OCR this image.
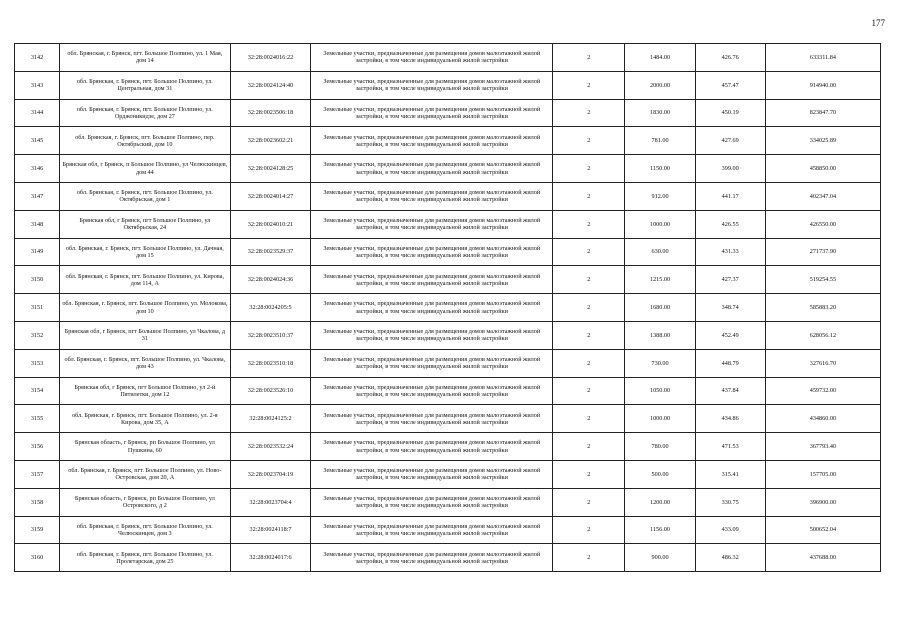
177
3142	обл. Брянская, г. Брянск, пгт. Большое Полпино, ул. 1 Мая, дом 14	32:28:0024016:22	Земельные участки, предназначенные для размещения домов малоэтажной жилой застройки, в том числе индивидуальной жилой застройки	2	1484.00	426.76	633311.84
3143	обл. Брянская, г. Брянск, пгт. Большое Полпино, ул. Центральная, дом 31	32:28:0024124:40	Земельные участки, предназначенные для размещения домов малоэтажной жилой застройки, в том числе индивидуальной жилой застройки	2	2000.00	457.47	914940.00
3144	обл. Брянская, г. Брянск, пгт. Большое Полпино, ул. Орджоникидзе, дом 27	32:28:0023506:18	Земельные участки, предназначенные для размещения домов малоэтажной жилой застройки, в том числе индивидуальной жилой застройки	2	1830.00	450.19	823847.70
3145	обл. Брянская, г. Брянск, пгт. Большое Полпино, пер. Октябрьский, дом 10	32:28:0023602:21	Земельные участки, предназначенные для размещения домов малоэтажной жилой застройки, в том числе индивидуальной жилой застройки	2	781.00	427.69	334025.89
3146	Брянская обл, г Брянск, п Большое Полпино, ул Челюскинцев, дом 44	32:28:0024128:25	Земельные участки, предназначенные для размещения домов малоэтажной жилой застройки, в том числе индивидуальной жилой застройки	2	1150.00	399.00	458850.00
3147	обл. Брянская, г. Брянск, пгт. Большое Полпино, ул. Октябрьская, дом 1	32:28:0024014:27	Земельные участки, предназначенные для размещения домов малоэтажной жилой застройки, в том числе индивидуальной жилой застройки	2	912.00	441.17	402347.04
3148	Брянская обл, г Брянск, пгт Большое Полпино, ул Октябрьская, 24	32:28:0024010:21	Земельные участки, предназначенные для размещения домов малоэтажной жилой застройки, в том числе индивидуальной жилой застройки	2	1000.00	426.55	426550.00
3149	обл. Брянская, г. Брянск, пгт. Большое Полпино, ул. Дачная, дом 15	32:28:0023529:37	Земельные участки, предназначенные для размещения домов малоэтажной жилой застройки, в том числе индивидуальной жилой застройки	2	630.00	431.33	271737.90
3150	обл. Брянская, г. Брянск, пгт. Большое Полпино, ул. Кирова, дом 114, А	32:28:0024024:36	Земельные участки, предназначенные для размещения домов малоэтажной жилой застройки, в том числе индивидуальной жилой застройки	2	1215.00	427.37	519254.55
3151	обл. Брянская, г. Брянск, пгт. Большое Полпино, ул. Молокова, дом 10	32:28:0024205:5	Земельные участки, предназначенные для размещения домов малоэтажной жилой застройки, в том числе индивидуальной жилой застройки	2	1680.00	348.74	585883.20
3152	Брянская обл, г Брянск, пгт Большое Полпино, ул Чкалова, д 31	32:28:0023510:37	Земельные участки, предназначенные для размещения домов малоэтажной жилой застройки, в том числе индивидуальной жилой застройки	2	1388.00	452.49	628056.12
3153	обл. Брянская, г. Брянск, пгт. Большое Полпино, ул. Чкалова, дом 43	32:28:0023510:18	Земельные участки, предназначенные для размещения домов малоэтажной жилой застройки, в том числе индивидуальной жилой застройки	2	730.00	448.79	327616.70
3154	Брянская обл, г Брянск, пгт Большое Полпино, ул 2-й Пятилетки, дом 12	32:28:0023526:10	Земельные участки, предназначенные для размещения домов малоэтажной жилой застройки, в том числе индивидуальной жилой застройки	2	1050.00	437.84	459732.00
3155	обл. Брянская, г. Брянск, пгт. Большое Полпино, ул. 2-я Кирова, дом 35, А	32:28:0024125:2	Земельные участки, предназначенные для размещения домов малоэтажной жилой застройки, в том числе индивидуальной жилой застройки	2	1000.00	434.86	434860.00
3156	Брянская область, г Брянск, рп Большое Полпино, ул Пушкина, 60	32:28:0023532:24	Земельные участки, предназначенные для размещения домов малоэтажной жилой застройки, в том числе индивидуальной жилой застройки	2	780.00	471.53	367793.40
3157	обл. Брянская, г. Брянск, пгт. Большое Полпино, ул. Ново-Островская, дом 20, А	32:28:0023704:19	Земельные участки, предназначенные для размещения домов малоэтажной жилой застройки, в том числе индивидуальной жилой застройки	2	500.00	315.41	157705.00
3158	Брянская область, г Брянск, рп Большое Полпино, ул Островского, д 2	32:28:0023704:4	Земельные участки, предназначенные для размещения домов малоэтажной жилой застройки, в том числе индивидуальной жилой застройки	2	1200.00	330.75	396900.00
3159	обл. Брянская, г. Брянск, пгт. Большое Полпино, ул. Челюскинцев, дом 3	32:28:0024118:7	Земельные участки, предназначенные для размещения домов малоэтажной жилой застройки, в том числе индивидуальной жилой застройки	2	1156.00	433.09	500652.04
3160	обл. Брянская, г. Брянск, пгт. Большое Полпино, ул. Пролетарская, дом 25	32:28:0024017:6	Земельные участки, предназначенные для размещения домов малоэтажной жилой застройки, в том числе индивидуальной жилой застройки	2	900.00	486.32	437688.00
